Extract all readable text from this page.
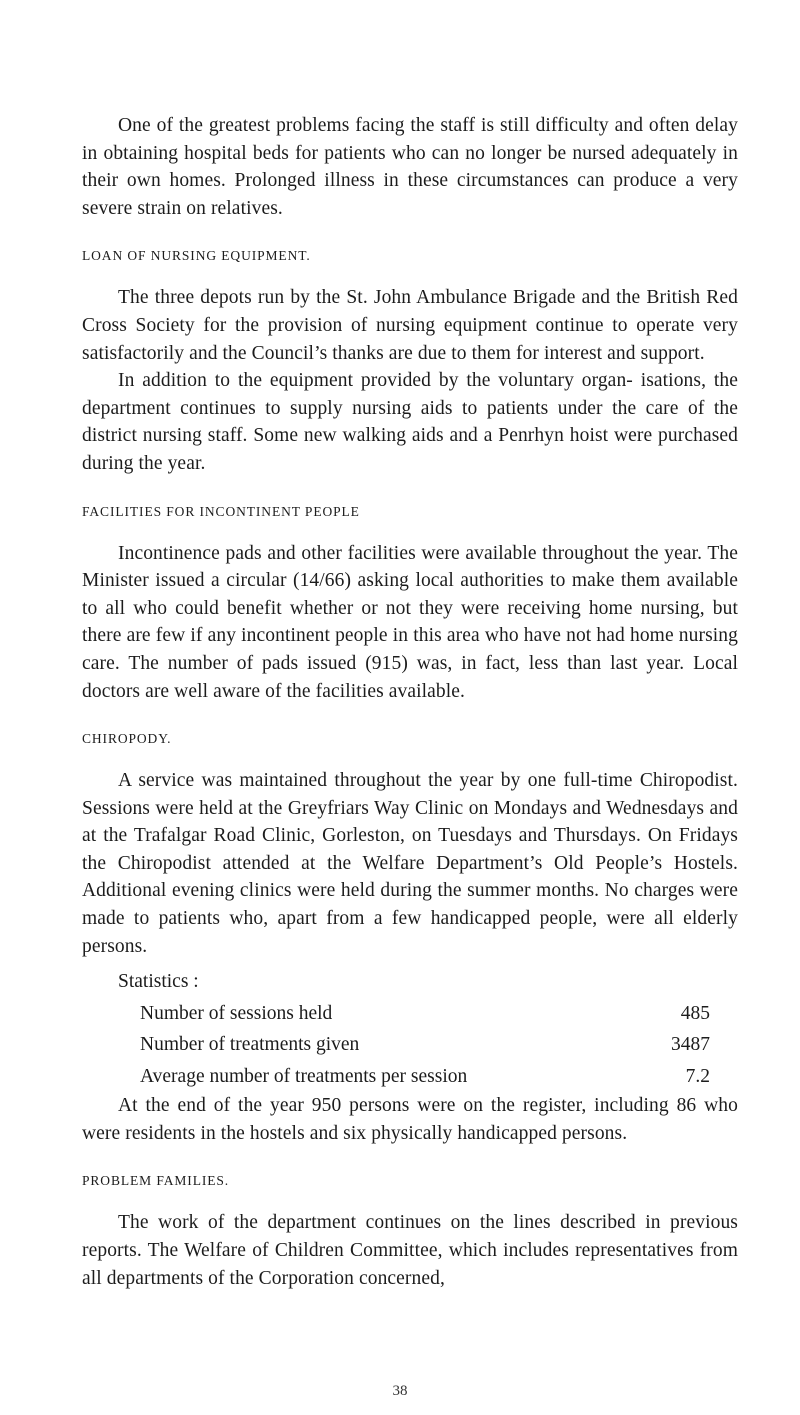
One of the greatest problems facing the staff is still difficulty and often delay in obtaining hospital beds for patients who can no longer be nursed adequately in their own homes. Prolonged illness in these circumstances can produce a very severe strain on relatives.

LOAN OF NURSING EQUIPMENT.

The three depots run by the St. John Ambulance Brigade and the British Red Cross Society for the provision of nursing equipment continue to operate very satisfactorily and the Council’s thanks are due to them for interest and support.

In addition to the equipment provided by the voluntary organ- isations, the department continues to supply nursing aids to patients under the care of the district nursing staff. Some new walking aids and a Penrhyn hoist were purchased during the year.

FACILITIES FOR INCONTINENT PEOPLE

Incontinence pads and other facilities were available throughout the year. The Minister issued a circular (14/66) asking local authorities to make them available to all who could benefit whether or not they were receiving home nursing, but there are few if any incontinent people in this area who have not had home nursing care. The number of pads issued (915) was, in fact, less than last year. Local doctors are well aware of the facilities available.

CHIROPODY.

A service was maintained throughout the year by one full-time Chiropodist. Sessions were held at the Greyfriars Way Clinic on Mondays and Wednesdays and at the Trafalgar Road Clinic, Gorleston, on Tuesdays and Thursdays. On Fridays the Chiropodist attended at the Welfare Department’s Old People’s Hostels. Additional evening clinics were held during the summer months. No charges were made to patients who, apart from a few handicapped people, were all elderly persons.

Statistics :
Number of sessions held	485
Number of treatments given	3487
Average number of treatments per session	7.2

At the end of the year 950 persons were on the register, including 86 who were residents in the hostels and six physically handicapped persons.

PROBLEM FAMILIES.

The work of the department continues on the lines described in previous reports. The Welfare of Children Committee, which includes representatives from all departments of the Corporation concerned,

38
